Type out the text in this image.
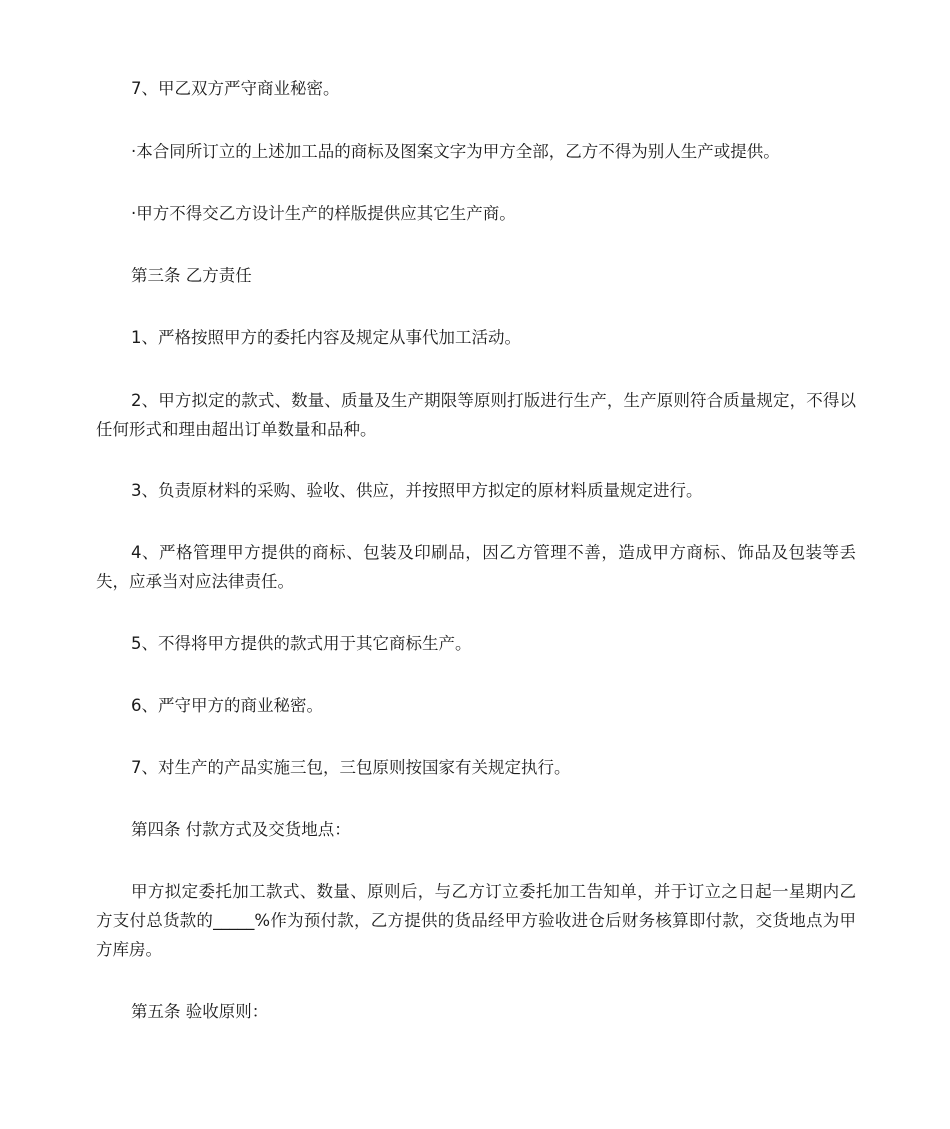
7、甲乙双方严守商业秘密。

·本合同所订立的上述加工品的商标及图案文字为甲方全部，乙方不得为别人生产或提供。

·甲方不得交乙方设计生产的样版提供应其它生产商。

第三条 乙方责任

1、严格按照甲方的委托内容及规定从事代加工活动。

2、甲方拟定的款式、数量、质量及生产期限等原则打版进行生产，生产原则符合质量规定，不得以任何形式和理由超出订单数量和品种。

3、负责原材料的采购、验收、供应，并按照甲方拟定的原材料质量规定进行。

4、严格管理甲方提供的商标、包装及印刷品，因乙方管理不善，造成甲方商标、饰品及包装等丢失，应承当对应法律责任。

5、不得将甲方提供的款式用于其它商标生产。

6、严守甲方的商业秘密。

7、对生产的产品实施三包，三包原则按国家有关规定执行。

第四条 付款方式及交货地点：

甲方拟定委托加工款式、数量、原则后，与乙方订立委托加工告知单，并于订立之日起一星期内乙方支付总货款的_____%作为预付款，乙方提供的货品经甲方验收进仓后财务核算即付款，交货地点为甲方库房。

第五条 验收原则：
